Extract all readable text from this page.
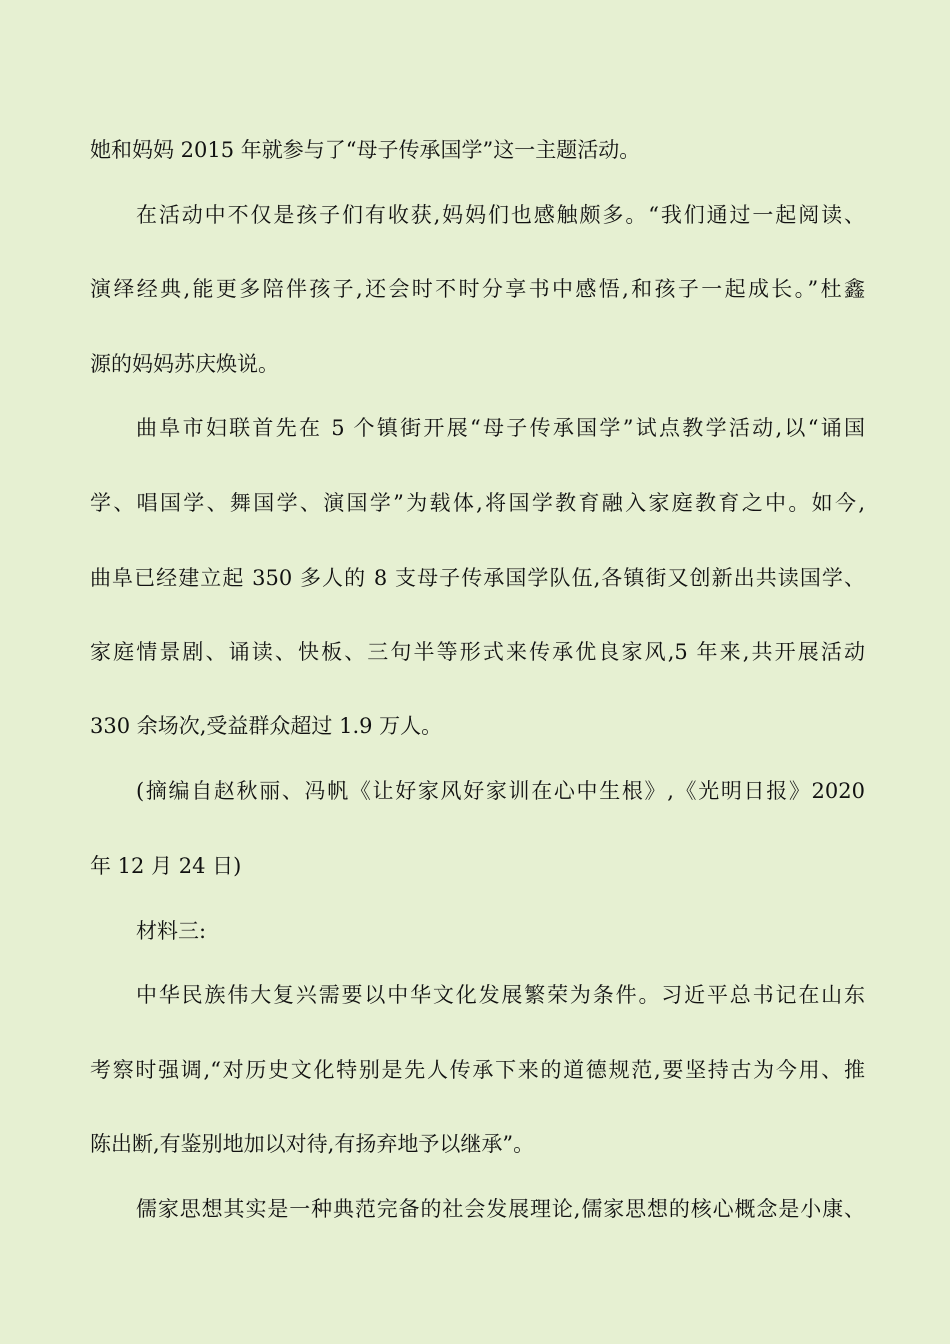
她和妈妈 2015 年就参与了“母子传承国学”这一主题活动。
在活动中不仅是孩子们有收获,妈妈们也感触颇多。“我们通过一起阅读、
演绎经典,能更多陪伴孩子,还会时不时分享书中感悟,和孩子一起成长。”杜鑫
源的妈妈苏庆焕说。
曲阜市妇联首先在 5 个镇街开展“母子传承国学”试点教学活动,以“诵国
学、唱国学、舞国学、演国学”为载体,将国学教育融入家庭教育之中。如今,
曲阜已经建立起 350 多人的 8 支母子传承国学队伍,各镇街又创新出共读国学、
家庭情景剧、诵读、快板、三句半等形式来传承优良家风,5 年来,共开展活动
330 余场次,受益群众超过 1.9 万人。
(摘编自赵秋丽、冯帆《让好家风好家训在心中生根》,《光明日报》2020
年 12 月 24 日)
材料三:
中华民族伟大复兴需要以中华文化发展繁荣为条件。习近平总书记在山东
考察时强调,“对历史文化特别是先人传承下来的道德规范,要坚持古为今用、推
陈出断,有鉴别地加以对待,有扬弃地予以继承”。
儒家思想其实是一种典范完备的社会发展理论,儒家思想的核心概念是小康、
